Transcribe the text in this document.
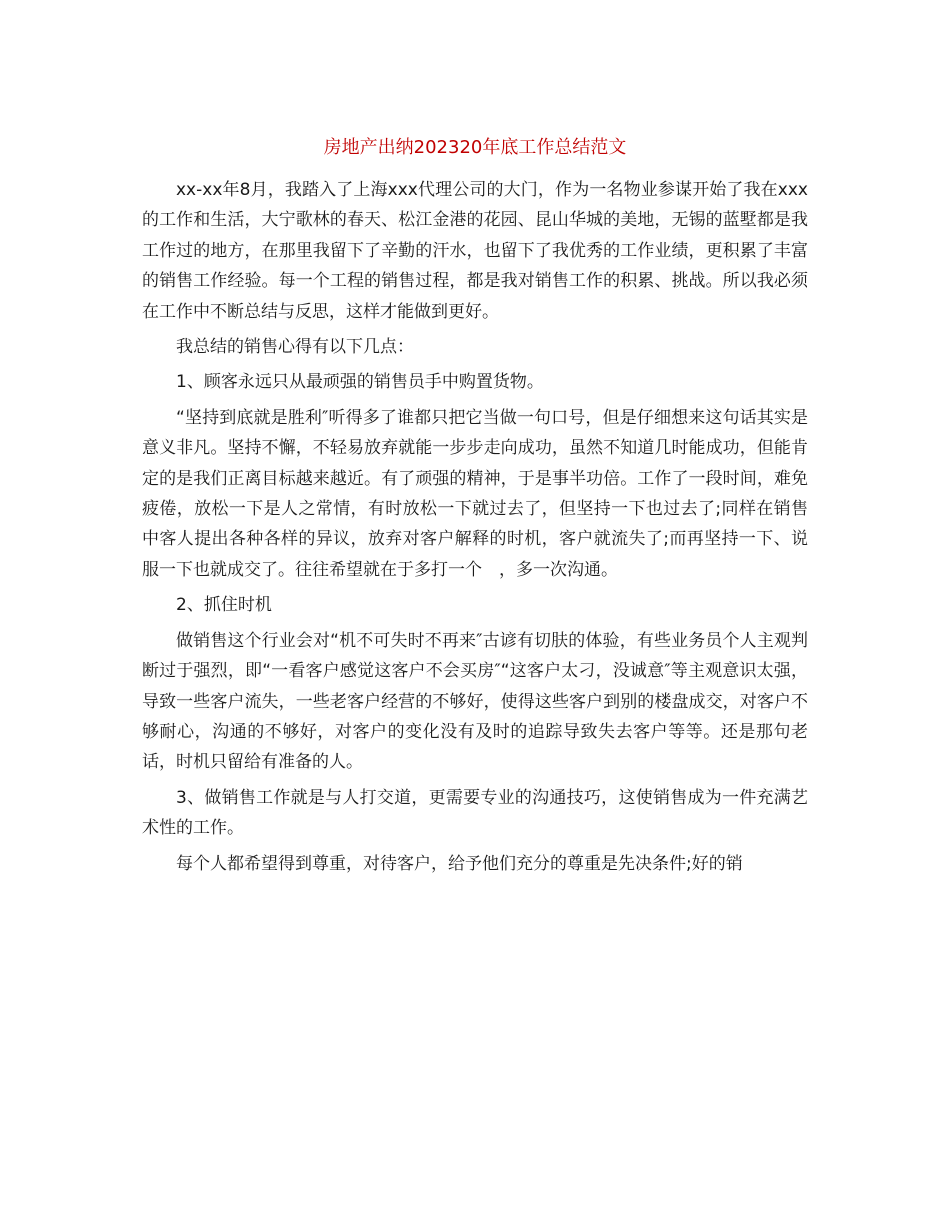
房地产出纳202320年底工作总结范文

xx-xx年8月，我踏入了上海xxx代理公司的大门，作为一名物业参谋开始了我在xxx的工作和生活，大宁歌林的春天、松江金港的花园、昆山华城的美地，无锡的蓝墅都是我工作过的地方，在那里我留下了辛勤的汗水，也留下了我优秀的工作业绩，更积累了丰富的销售工作经验。每一个工程的销售过程，都是我对销售工作的积累、挑战。所以我必须在工作中不断总结与反思，这样才能做到更好。

我总结的销售心得有以下几点：

1、顾客永远只从最顽强的销售员手中购置货物。

“坚持到底就是胜利″听得多了谁都只把它当做一句口号，但是仔细想来这句话其实是意义非凡。坚持不懈，不轻易放弃就能一步步走向成功，虽然不知道几时能成功，但能肯定的是我们正离目标越来越近。有了顽强的精神，于是事半功倍。工作了一段时间，难免疲倦，放松一下是人之常情，有时放松一下就过去了，但坚持一下也过去了;同样在销售中客人提出各种各样的异议，放弃对客户解释的时机，客户就流失了;而再坚持一下、说服一下也就成交了。往往希望就在于多打一个　，多一次沟通。

2、抓住时机

做销售这个行业会对“机不可失时不再来″古谚有切肤的体验，有些业务员个人主观判断过于强烈，即“一看客户感觉这客户不会买房″“这客户太刁，没诚意″等主观意识太强，导致一些客户流失，一些老客户经营的不够好，使得这些客户到别的楼盘成交，对客户不够耐心，沟通的不够好，对客户的变化没有及时的追踪导致失去客户等等。还是那句老话，时机只留给有准备的人。

3、做销售工作就是与人打交道，更需要专业的沟通技巧，这使销售成为一件充满艺术性的工作。

每个人都希望得到尊重，对待客户，给予他们充分的尊重是先决条件;好的销
